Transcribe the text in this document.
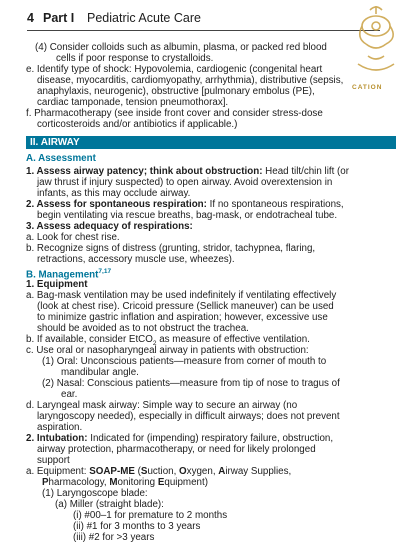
4 Part I Pediatric Acute Care
II. AIRWAY
CATION
(4) Consider colloids such as albumin, plasma, or packed red blood
cells if poor response to crystalloids.
e. Identify type of shock: Hypovolemia, cardiogenic (congenital heart
disease, myocarditis, cardiomyopathy, arrhythmia), distributive (sepsis,
anaphylaxis, neurogenic), obstructive [pulmonary embolus (PE),
cardiac tamponade, tension pneumothorax].
f. Pharmacotherapy (see inside front cover and consider stress-dose
corticosteroids and/or antibiotics if applicable.)
A. Assessment
1. Assess airway patency; think about obstruction: Head tilt/chin lift (or
jaw thrust if injury suspected) to open airway. Avoid overextension in
infants, as this may occlude airway.
2. Assess for spontaneous respiration: If no spontaneous respirations,
begin ventilating via rescue breaths, bag-mask, or endotracheal tube.
3. Assess adequacy of respirations:
a. Look for chest rise.
b. Recognize signs of distress (grunting, stridor, tachypnea, flaring,
retractions, accessory muscle use, wheezes).
B. Management$^{7,17}$
1. Equipment
a. Bag-mask ventilation may be used indefinitely if ventilating effectively
(look at chest rise). Cricoid pressure (Sellick maneuver) can be used
to minimize gastric inflation and aspiration; however, excessive use
should be avoided as to not obstruct the trachea.
b. If available, consider EtCO$_2$ as measure of effective ventilation.
c. Use oral or nasopharyngeal airway in patients with obstruction:
(1) Oral: Unconscious patients—measure from corner of mouth to
mandibular angle.
(2) Nasal: Conscious patients—measure from tip of nose to tragus of
ear.
d. Laryngeal mask airway: Simple way to secure an airway (no
laryngoscopy needed), especially in difficult airways; does not prevent
aspiration.
2. Intubation: Indicated for (impending) respiratory failure, obstruction,
airway protection, pharmacotherapy, or need for likely prolonged
support
a. Equipment: SOAP-ME (Suction, Oxygen, Airway Supplies,
Pharmacology, Monitoring Equipment)
(1) Laryngoscope blade:
(a) Miller (straight blade):
(i) #00–1 for premature to 2 months
(ii) #1 for 3 months to 3 years
(iii) #2 for >3 years
